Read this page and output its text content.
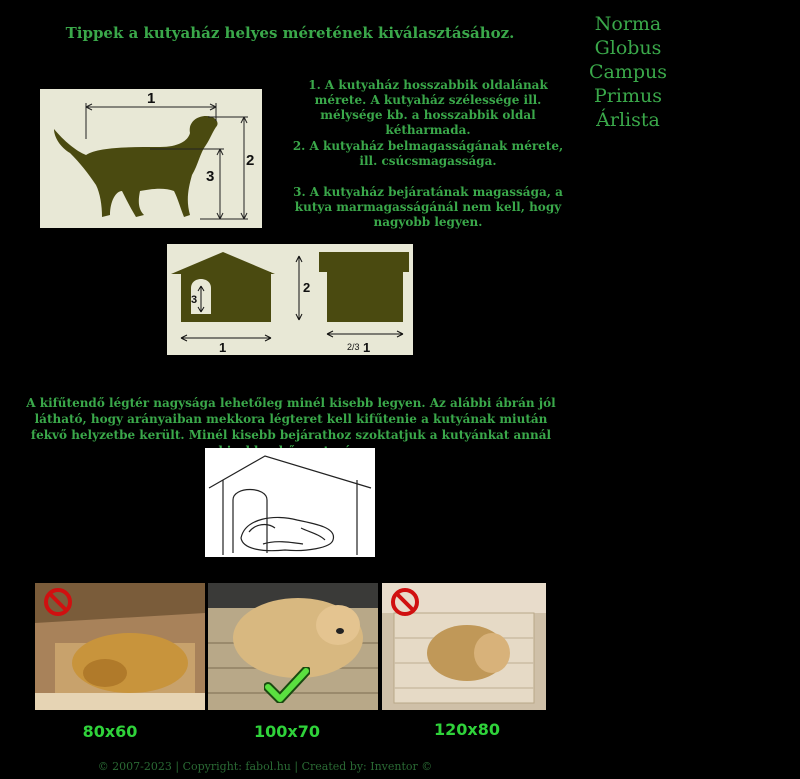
Tippek a kutyaház helyes méretének kiválasztásához.	Norma
Globus
Campus
Primus
Árlista
1
2
3
1. A kutyaház hosszabbik oldalának mérete. A kutyaház szélessége ill. mélysége kb. a hosszabbik oldal kétharmada.
2. A kutyaház belmagasságának mérete, ill. csúcsmagassága.
3. A kutyaház bejáratának magassága, a kutya marmagasságánál nem kell, hogy nagyobb legyen.
3
2
1	2/3 1
A kifűtendő légtér nagysága lehetőleg minél kisebb legyen. Az alábbi ábrán jól látható, hogy arányaiban mekkora légteret kell kifűtenie a kutyának miután fekvő helyzetbe került. Minél kisebb bejárathoz szoktatjuk a kutyánkat annál
80x60	100x70	120x80
© 2007-2023 | Copyright: fabol.hu | Created by: Inventor ©
